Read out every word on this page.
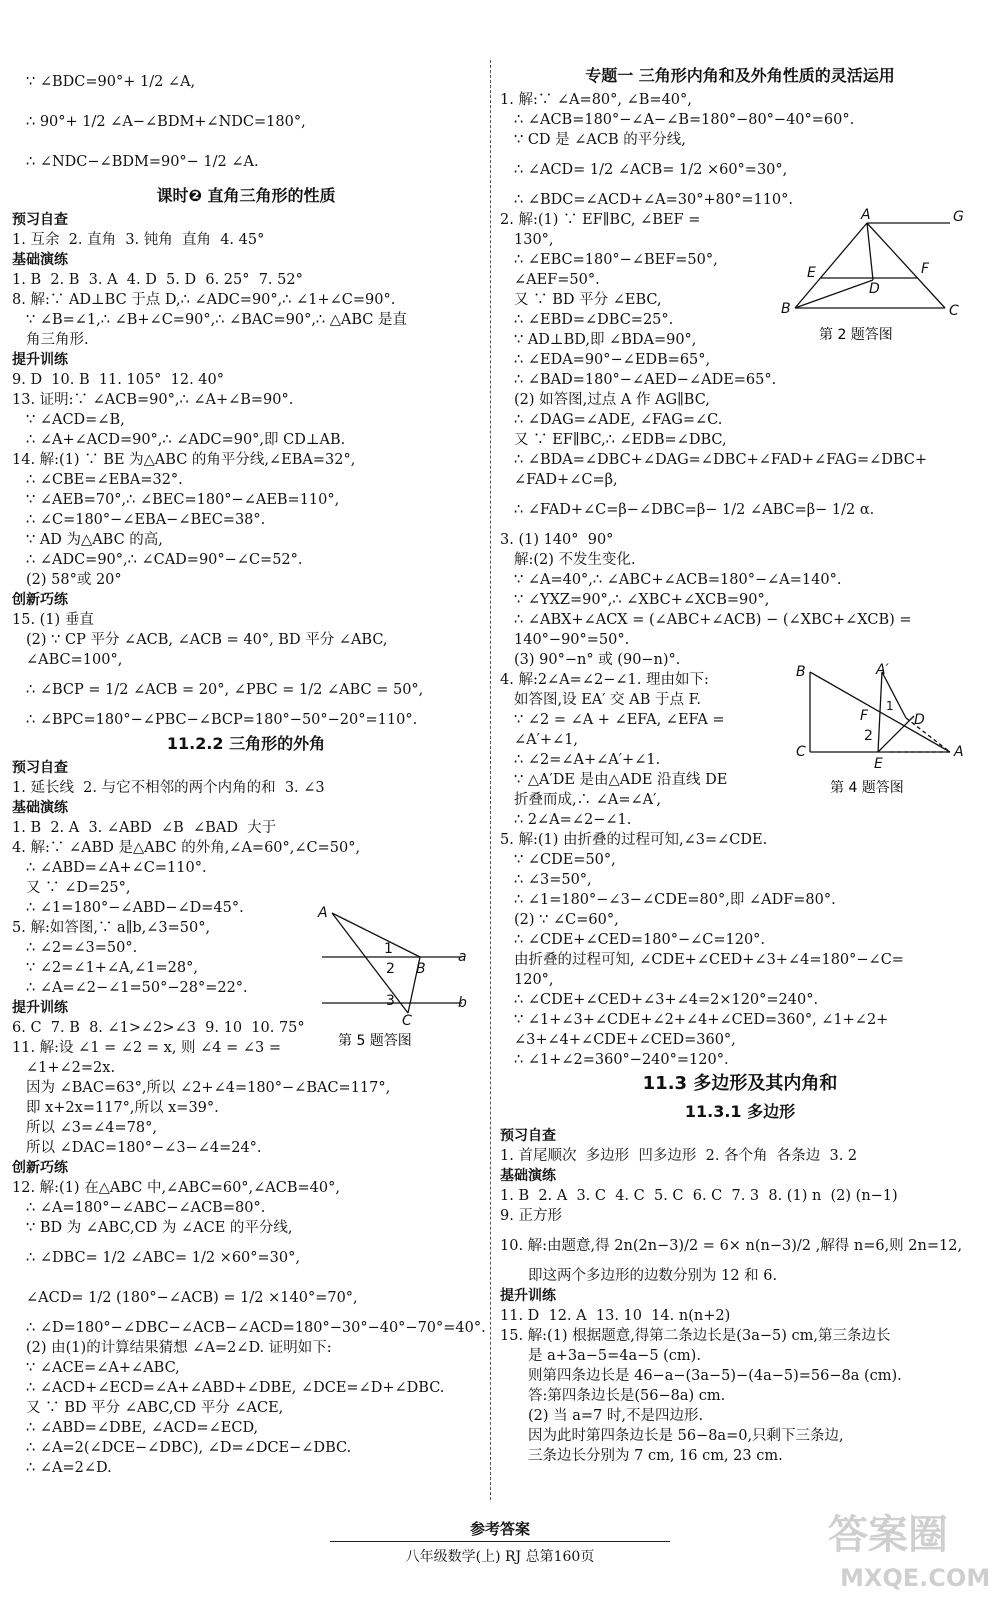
∵ ∠BDC=90°+ 1/2 ∠A,
∴ 90°+ 1/2 ∠A−∠BDM+∠NDC=180°,
∴ ∠NDC−∠BDM=90°− 1/2 ∠A.
课时❷ 直角三角形的性质
预习自查
1. 互余  2. 直角  3. 钝角  直角  4. 45°
基础演练
1. B  2. B  3. A  4. D  5. D  6. 25°  7. 52°
8. 解:∵ AD⊥BC 于点 D,∴ ∠ADC=90°,∴ ∠1+∠C=90°.
∵ ∠B=∠1,∴ ∠B+∠C=90°,∴ ∠BAC=90°,∴ △ABC 是直
角三角形.
提升训练
9. D  10. B  11. 105°  12. 40°
13. 证明:∵ ∠ACB=90°,∴ ∠A+∠B=90°.
∵ ∠ACD=∠B,
∴ ∠A+∠ACD=90°,∴ ∠ADC=90°,即 CD⊥AB.
14. 解:(1) ∵ BE 为△ABC 的角平分线,∠EBA=32°,
∴ ∠CBE=∠EBA=32°.
∵ ∠AEB=70°,∴ ∠BEC=180°−∠AEB=110°,
∴ ∠C=180°−∠EBA−∠BEC=38°.
∵ AD 为△ABC 的高,
∴ ∠ADC=90°,∴ ∠CAD=90°−∠C=52°.
(2) 58°或 20°
创新巧练
15. (1) 垂直
(2) ∵ CP 平分 ∠ACB, ∠ACB = 40°, BD 平分 ∠ABC,
∠ABC=100°,
∴ ∠BCP = 1/2 ∠ACB = 20°, ∠PBC = 1/2 ∠ABC = 50°,
∴ ∠BPC=180°−∠PBC−∠BCP=180°−50°−20°=110°.
11.2.2 三角形的外角
预习自查
1. 延长线  2. 与它不相邻的两个内角的和  3. ∠3
基础演练
1. B  2. A  3. ∠ABD  ∠B  ∠BAD  大于
4. 解:∵ ∠ABD 是△ABC 的外角,∠A=60°,∠C=50°,
∴ ∠ABD=∠A+∠C=110°.
又 ∵ ∠D=25°,
∴ ∠1=180°−∠ABD−∠D=45°.
5. 解:如答图,∵ a∥b,∠3=50°,
∴ ∠2=∠3=50°.
∵ ∠2=∠1+∠A,∠1=28°,
∴ ∠A=∠2−∠1=50°−28°=22°.
提升训练
6. C  7. B  8. ∠1>∠2>∠3  9. 10  10. 75°
11. 解:设 ∠1 = ∠2 = x, 则 ∠4 = ∠3 =
∠1+∠2=2x.
因为 ∠BAC=63°,所以 ∠2+∠4=180°−∠BAC=117°,
即 x+2x=117°,所以 x=39°.
所以 ∠3=∠4=78°,
所以 ∠DAC=180°−∠3−∠4=24°.
创新巧练
12. 解:(1) 在△ABC 中,∠ABC=60°,∠ACB=40°,
∴ ∠A=180°−∠ABC−∠ACB=80°.
∵ BD 为 ∠ABC,CD 为 ∠ACE 的平分线,
∴ ∠DBC= 1/2 ∠ABC= 1/2 ×60°=30°,
∠ACD= 1/2 (180°−∠ACB) = 1/2 ×140°=70°,
∴ ∠D=180°−∠DBC−∠ACB−∠ACD=180°−30°−40°−70°=40°.
(2) 由(1)的计算结果猜想 ∠A=2∠D. 证明如下:
∵ ∠ACE=∠A+∠ABC,
∴ ∠ACD+∠ECD=∠A+∠ABD+∠DBE, ∠DCE=∠D+∠DBC.
又 ∵ BD 平分 ∠ABC,CD 平分 ∠ACE,
∴ ∠ABD=∠DBE, ∠ACD=∠ECD,
∴ ∠A=2(∠DCE−∠DBC), ∠D=∠DCE−∠DBC.
∴ ∠A=2∠D.
专题一 三角形内角和及外角性质的灵活运用
1. 解:∵ ∠A=80°, ∠B=40°,
∴ ∠ACB=180°−∠A−∠B=180°−80°−40°=60°.
∵ CD 是 ∠ACB 的平分线,
∴ ∠ACD= 1/2 ∠ACB= 1/2 ×60°=30°,
∴ ∠BDC=∠ACD+∠A=30°+80°=110°.
2. 解:(1) ∵ EF∥BC, ∠BEF =
130°,
∴ ∠EBC=180°−∠BEF=50°,
∠AEF=50°.
又 ∵ BD 平分 ∠EBC,
∴ ∠EBD=∠DBC=25°.
∵ AD⊥BD,即 ∠BDA=90°,
∴ ∠EDA=90°−∠EDB=65°,
∴ ∠BAD=180°−∠AED−∠ADE=65°.
(2) 如答图,过点 A 作 AG∥BC,
∴ ∠DAG=∠ADE, ∠FAG=∠C.
又 ∵ EF∥BC,∴ ∠EDB=∠DBC,
∴ ∠BDA=∠DBC+∠DAG=∠DBC+∠FAD+∠FAG=∠DBC+
∠FAD+∠C=β,
∴ ∠FAD+∠C=β−∠DBC=β− 1/2 ∠ABC=β− 1/2 α.
3. (1) 140°  90°
解:(2) 不发生变化.
∵ ∠A=40°,∴ ∠ABC+∠ACB=180°−∠A=140°.
∵ ∠YXZ=90°,∴ ∠XBC+∠XCB=90°,
∴ ∠ABX+∠ACX = (∠ABC+∠ACB) − (∠XBC+∠XCB) =
140°−90°=50°.
(3) 90°−n° 或 (90−n)°.
4. 解:2∠A=∠2−∠1. 理由如下:
如答图,设 EA′ 交 AB 于点 F.
∵ ∠2 = ∠A + ∠EFA, ∠EFA =
∠A′+∠1,
∴ ∠2=∠A+∠A′+∠1.
∵ △A′DE 是由△ADE 沿直线 DE
折叠而成,∴ ∠A=∠A′,
∴ 2∠A=∠2−∠1.
5. 解:(1) 由折叠的过程可知,∠3=∠CDE.
∵ ∠CDE=50°,
∴ ∠3=50°,
∴ ∠1=180°−∠3−∠CDE=80°,即 ∠ADF=80°.
(2) ∵ ∠C=60°,
∴ ∠CDE+∠CED=180°−∠C=120°.
由折叠的过程可知, ∠CDE+∠CED+∠3+∠4=180°−∠C=
120°,
∴ ∠CDE+∠CED+∠3+∠4=2×120°=240°.
∵ ∠1+∠3+∠CDE+∠2+∠4+∠CED=360°, ∠1+∠2+
∠3+∠4+∠CDE+∠CED=360°,
∴ ∠1+∠2=360°−240°=120°.
11.3 多边形及其内角和
11.3.1 多边形
预习自查
1. 首尾顺次  多边形  凹多边形  2. 各个角  各条边  3. 2
基础演练
1. B  2. A  3. C  4. C  5. C  6. C  7. 3  8. (1) n  (2) (n−1)
9. 正方形
10. 解:由题意,得 2n(2n−3)/2 = 6× n(n−3)/2 ,解得 n=6,则 2n=12,
即这两个多边形的边数分别为 12 和 6.
提升训练
11. D  12. A  13. 10  14. n(n+2)
15. 解:(1) 根据题意,得第二条边长是(3a−5) cm,第三条边长
是 a+3a−5=4a−5 (cm).
则第四条边长是 46−a−(3a−5)−(4a−5)=56−8a (cm).
答:第四条边长是(56−8a) cm.
(2) 当 a=7 时,不是四边形.
因为此时第四条边长是 56−8a=0,只剩下三条边,
三条边长分别为 7 cm, 16 cm, 23 cm.
A	G
E	F
D
B	C
第 2 题答图
B	A′
F	D
1
2
C
E
A
第 4 题答图
A
1
2 B
a
3
C
b
第 5 题答图
参考答案
八年级数学(上) RJ 总第160页	答案圈
MXQE.COM
